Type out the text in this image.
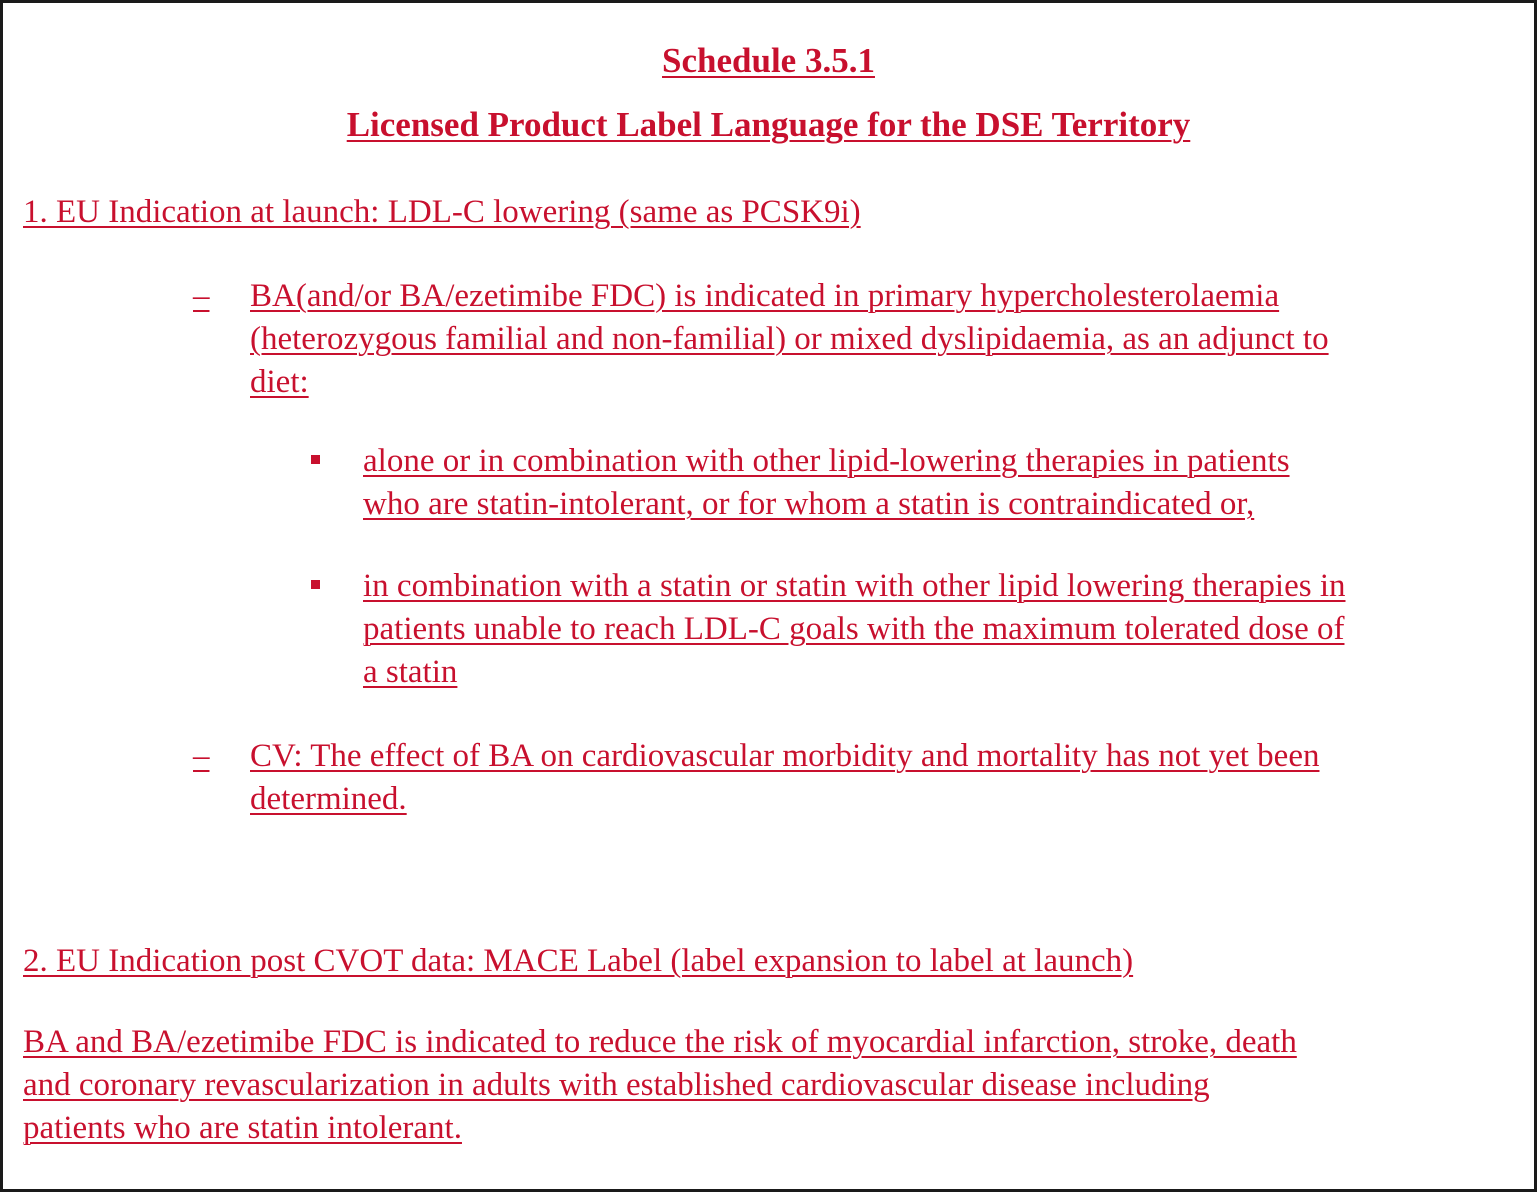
Schedule 3.5.1
Licensed Product Label Language for the DSE Territory
1. EU Indication at launch: LDL-C lowering (same as PCSK9i)
– BA(and/or BA/ezetimibe FDC) is indicated in primary hypercholesterolaemia
(heterozygous familial and non-familial) or mixed dyslipidaemia, as an adjunct to
diet:
alone or in combination with other lipid-lowering therapies in patients
who are statin-intolerant, or for whom a statin is contraindicated or,
in combination with a statin or statin with other lipid lowering therapies in
patients unable to reach LDL-C goals with the maximum tolerated dose of
a statin
– CV: The effect of BA on cardiovascular morbidity and mortality has not yet been
determined.
2. EU Indication post CVOT data: MACE Label (label expansion to label at launch)
BA and BA/ezetimibe FDC is indicated to reduce the risk of myocardial infarction, stroke, death
and coronary revascularization in adults with established cardiovascular disease including
patients who are statin intolerant.
